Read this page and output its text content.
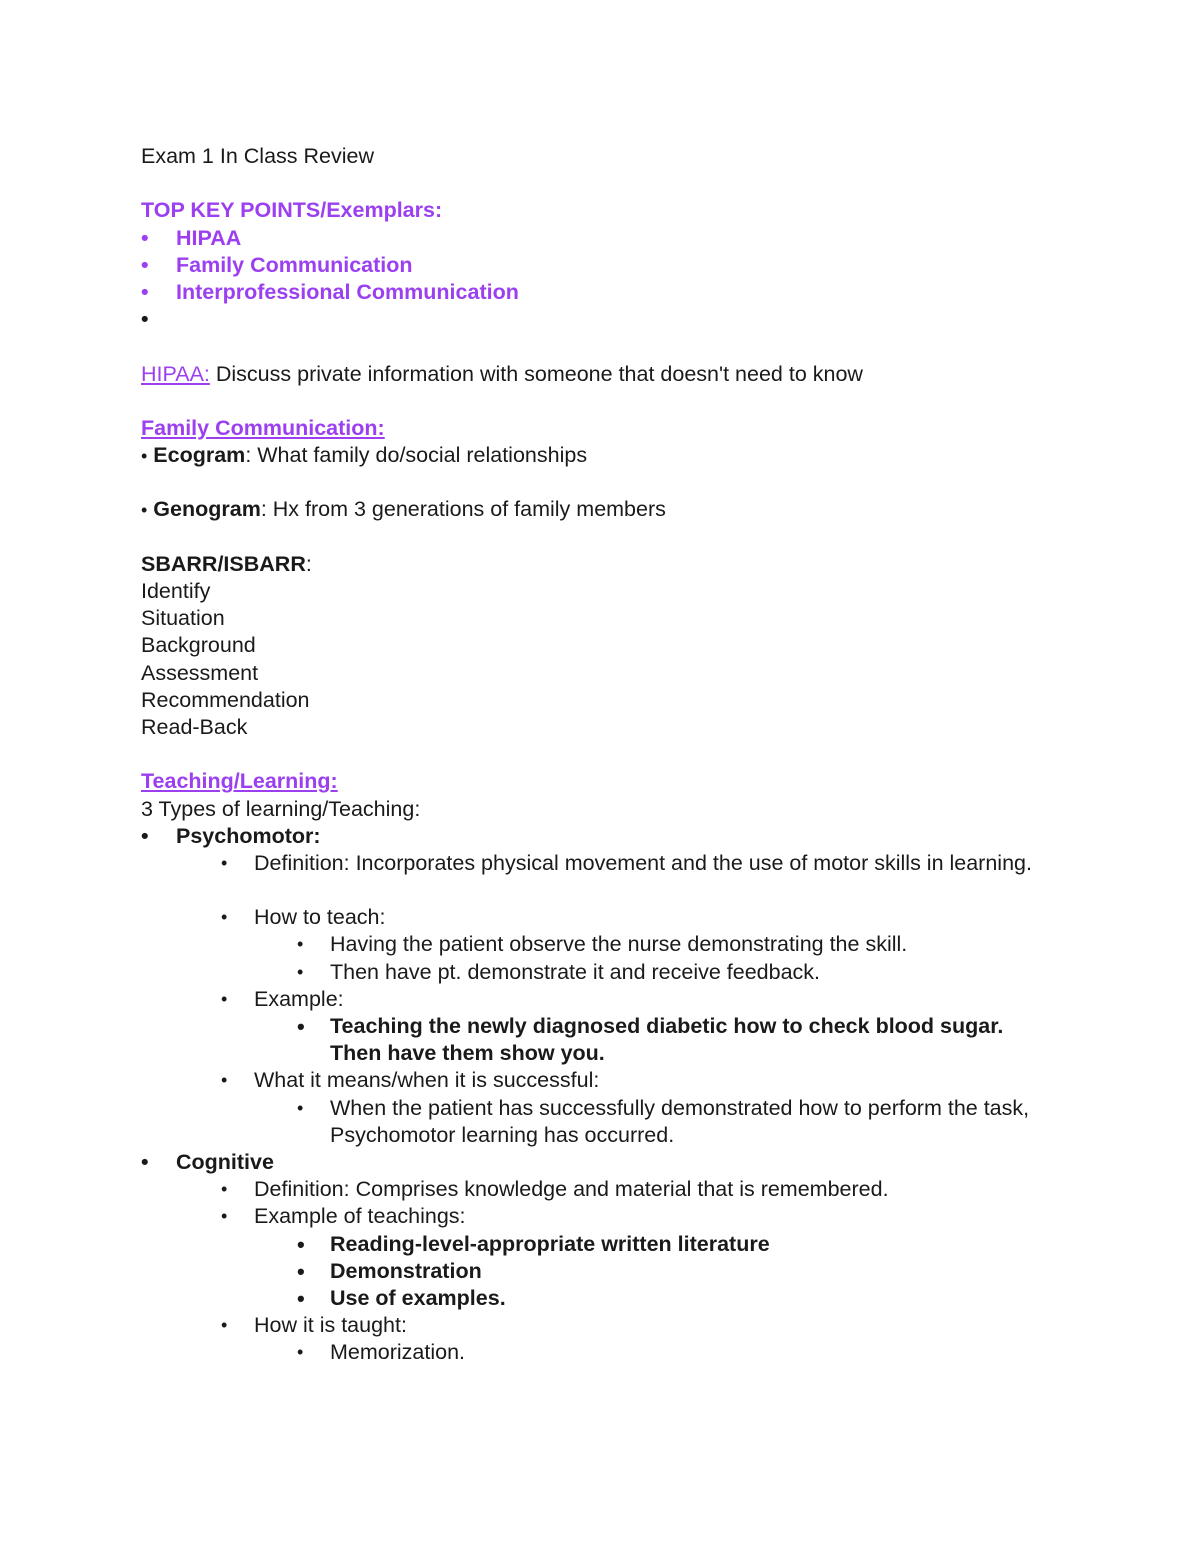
Exam 1 In Class Review
TOP KEY POINTS/Exemplars:
• HIPAA
• Family Communication
• Interprofessional Communication
•
HIPAA: Discuss private information with someone that doesn't need to know
Family Communication:
• Ecogram: What family do/social relationships
• Genogram: Hx from 3 generations of family members
SBARR/ISBARR:
Identify
Situation
Background
Assessment
Recommendation
Read-Back
Teaching/Learning:
3 Types of learning/Teaching:
• Psychomotor:
• Definition: Incorporates physical movement and the use of motor skills in learning.
• How to teach:
• Having the patient observe the nurse demonstrating the skill.
• Then have pt. demonstrate it and receive feedback.
• Example:
• Teaching the newly diagnosed diabetic how to check blood sugar. Then have them show you.
• What it means/when it is successful:
• When the patient has successfully demonstrated how to perform the task, Psychomotor learning has occurred.
• Cognitive
• Definition: Comprises knowledge and material that is remembered.
• Example of teachings:
• Reading-level-appropriate written literature
• Demonstration
• Use of examples.
• How it is taught:
• Memorization.
